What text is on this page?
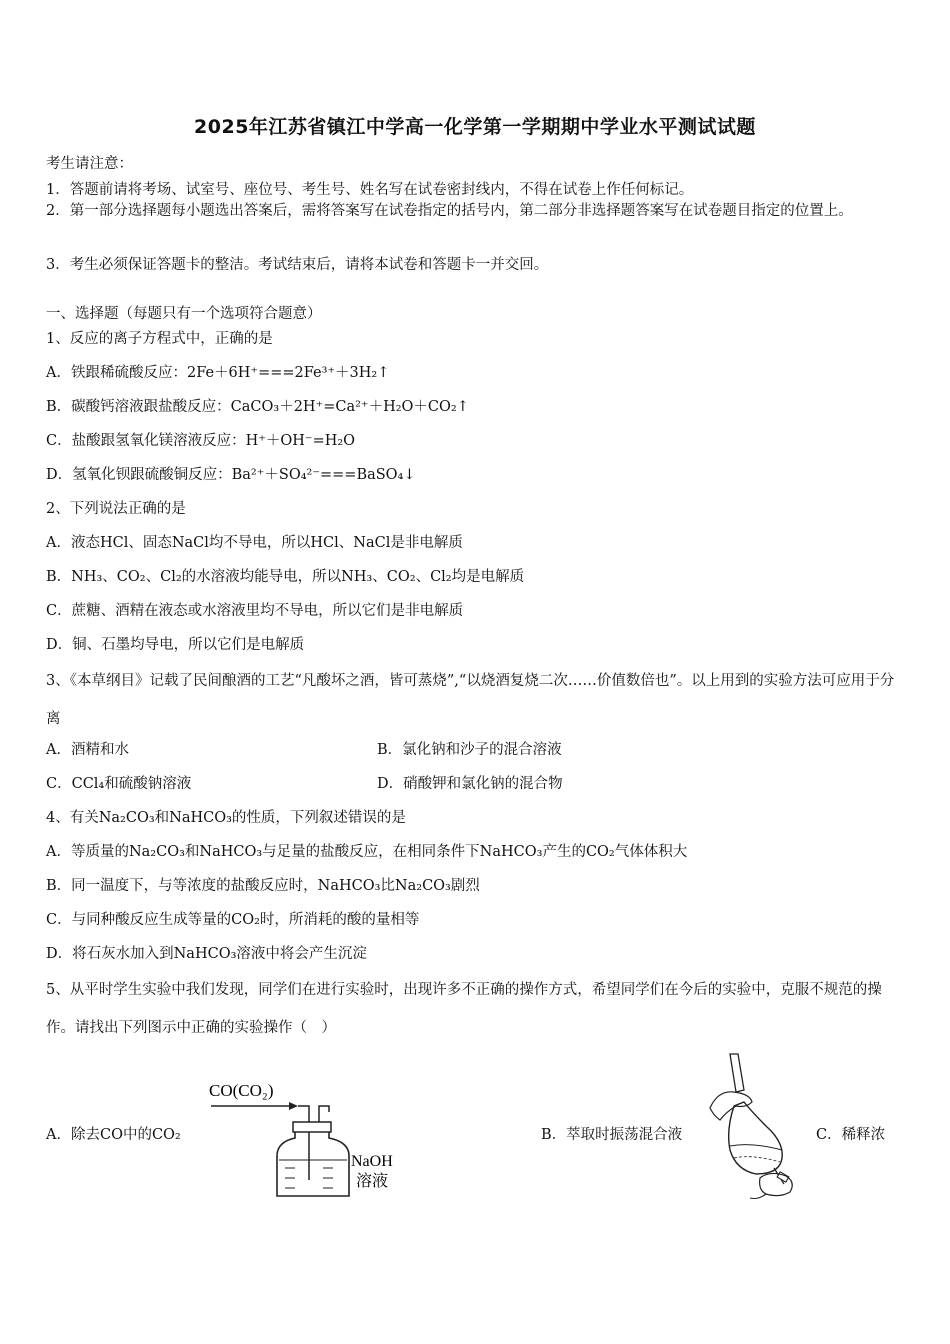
2025年江苏省镇江中学高一化学第一学期期中学业水平测试试题
考生请注意：
1．答题前请将考场、试室号、座位号、考生号、姓名写在试卷密封线内，不得在试卷上作任何标记。
2．第一部分选择题每小题选出答案后，需将答案写在试卷指定的括号内，第二部分非选择题答案写在试卷题目指定的位置上。
3．考生必须保证答题卡的整洁。考试结束后，请将本试卷和答题卡一并交回。
一、选择题（每题只有一个选项符合题意）
1、反应的离子方程式中，正确的是
A．铁跟稀硫酸反应：2Fe＋6H⁺===2Fe³⁺＋3H₂↑
B．碳酸钙溶液跟盐酸反应：CaCO₃＋2H⁺=Ca²⁺＋H₂O＋CO₂↑
C．盐酸跟氢氧化镁溶液反应：H⁺＋OH⁻=H₂O
D．氢氧化钡跟硫酸铜反应：Ba²⁺＋SO₄²⁻===BaSO₄↓
2、下列说法正确的是
A．液态HCl、固态NaCl均不导电，所以HCl、NaCl是非电解质
B．NH₃、CO₂、Cl₂的水溶液均能导电，所以NH₃、CO₂、Cl₂均是电解质
C．蔗糖、酒精在液态或水溶液里均不导电，所以它们是非电解质
D．铜、石墨均导电，所以它们是电解质
3、《本草纲目》记载了民间酿酒的工艺“凡酸坏之酒，皆可蒸烧”,“以烧酒复烧二次……价值数倍也”。以上用到的实验方法可应用于分离
A．酒精和水	B．氯化钠和沙子的混合溶液
C．CCl₄和硫酸钠溶液	D．硝酸钾和氯化钠的混合物
4、有关Na₂CO₃和NaHCO₃的性质，下列叙述错误的是
A．等质量的Na₂CO₃和NaHCO₃与足量的盐酸反应，在相同条件下NaHCO₃产生的CO₂气体体积大
B．同一温度下，与等浓度的盐酸反应时，NaHCO₃比Na₂CO₃剧烈
C．与同种酸反应生成等量的CO₂时，所消耗的酸的量相等
D．将石灰水加入到NaHCO₃溶液中将会产生沉淀
5、从平时学生实验中我们发现，同学们在进行实验时，出现许多不正确的操作方式，希望同学们在今后的实验中，克服不规范的操作。请找出下列图示中正确的实验操作（　）
A．除去CO中的CO₂	B．萃取时振荡混合液	C．稀释浓
CO(CO₂)
NaOH
溶液
